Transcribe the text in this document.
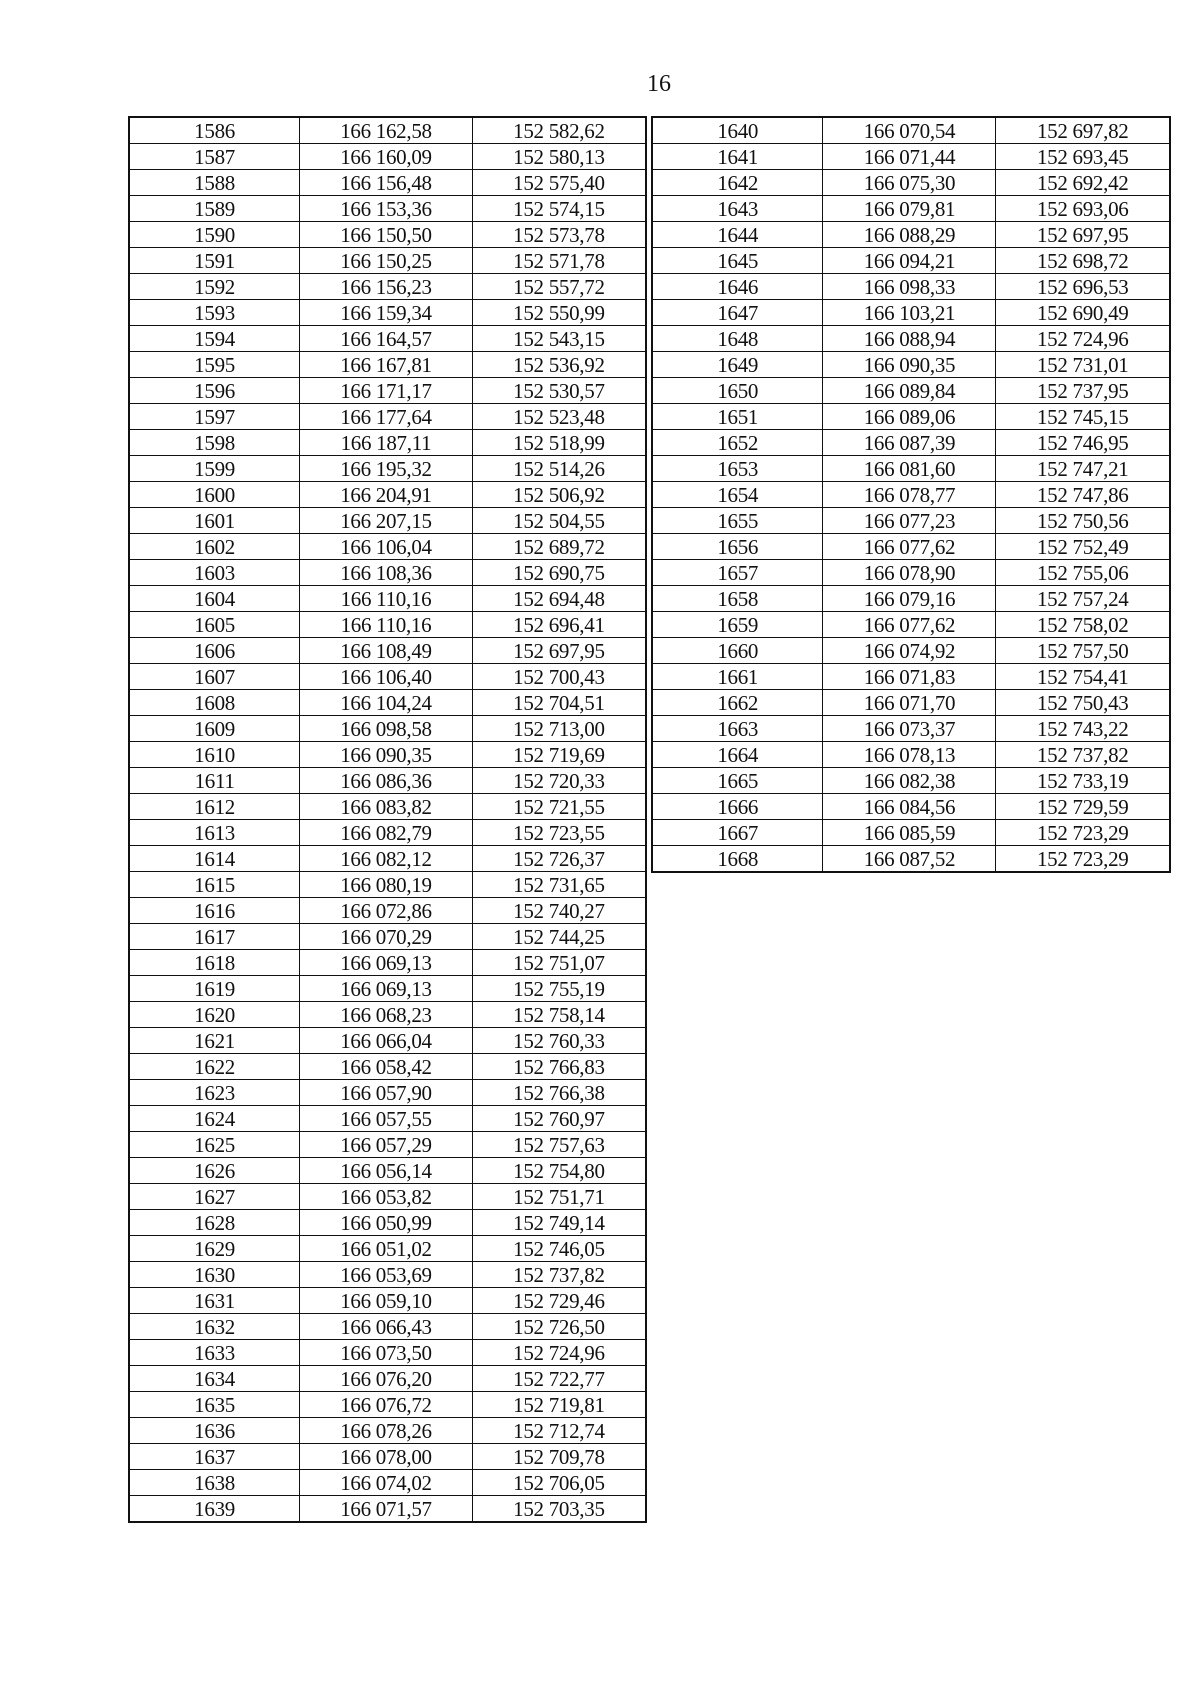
16
1586	166 162,58	152 582,62
1587	166 160,09	152 580,13
1588	166 156,48	152 575,40
1589	166 153,36	152 574,15
1590	166 150,50	152 573,78
1591	166 150,25	152 571,78
1592	166 156,23	152 557,72
1593	166 159,34	152 550,99
1594	166 164,57	152 543,15
1595	166 167,81	152 536,92
1596	166 171,17	152 530,57
1597	166 177,64	152 523,48
1598	166 187,11	152 518,99
1599	166 195,32	152 514,26
1600	166 204,91	152 506,92
1601	166 207,15	152 504,55
1602	166 106,04	152 689,72
1603	166 108,36	152 690,75
1604	166 110,16	152 694,48
1605	166 110,16	152 696,41
1606	166 108,49	152 697,95
1607	166 106,40	152 700,43
1608	166 104,24	152 704,51
1609	166 098,58	152 713,00
1610	166 090,35	152 719,69
1611	166 086,36	152 720,33
1612	166 083,82	152 721,55
1613	166 082,79	152 723,55
1614	166 082,12	152 726,37
1615	166 080,19	152 731,65
1616	166 072,86	152 740,27
1617	166 070,29	152 744,25
1618	166 069,13	152 751,07
1619	166 069,13	152 755,19
1620	166 068,23	152 758,14
1621	166 066,04	152 760,33
1622	166 058,42	152 766,83
1623	166 057,90	152 766,38
1624	166 057,55	152 760,97
1625	166 057,29	152 757,63
1626	166 056,14	152 754,80
1627	166 053,82	152 751,71
1628	166 050,99	152 749,14
1629	166 051,02	152 746,05
1630	166 053,69	152 737,82
1631	166 059,10	152 729,46
1632	166 066,43	152 726,50
1633	166 073,50	152 724,96
1634	166 076,20	152 722,77
1635	166 076,72	152 719,81
1636	166 078,26	152 712,74
1637	166 078,00	152 709,78
1638	166 074,02	152 706,05
1639	166 071,57	152 703,35
1640	166 070,54	152 697,82
1641	166 071,44	152 693,45
1642	166 075,30	152 692,42
1643	166 079,81	152 693,06
1644	166 088,29	152 697,95
1645	166 094,21	152 698,72
1646	166 098,33	152 696,53
1647	166 103,21	152 690,49
1648	166 088,94	152 724,96
1649	166 090,35	152 731,01
1650	166 089,84	152 737,95
1651	166 089,06	152 745,15
1652	166 087,39	152 746,95
1653	166 081,60	152 747,21
1654	166 078,77	152 747,86
1655	166 077,23	152 750,56
1656	166 077,62	152 752,49
1657	166 078,90	152 755,06
1658	166 079,16	152 757,24
1659	166 077,62	152 758,02
1660	166 074,92	152 757,50
1661	166 071,83	152 754,41
1662	166 071,70	152 750,43
1663	166 073,37	152 743,22
1664	166 078,13	152 737,82
1665	166 082,38	152 733,19
1666	166 084,56	152 729,59
1667	166 085,59	152 723,29
1668	166 087,52	152 723,29
